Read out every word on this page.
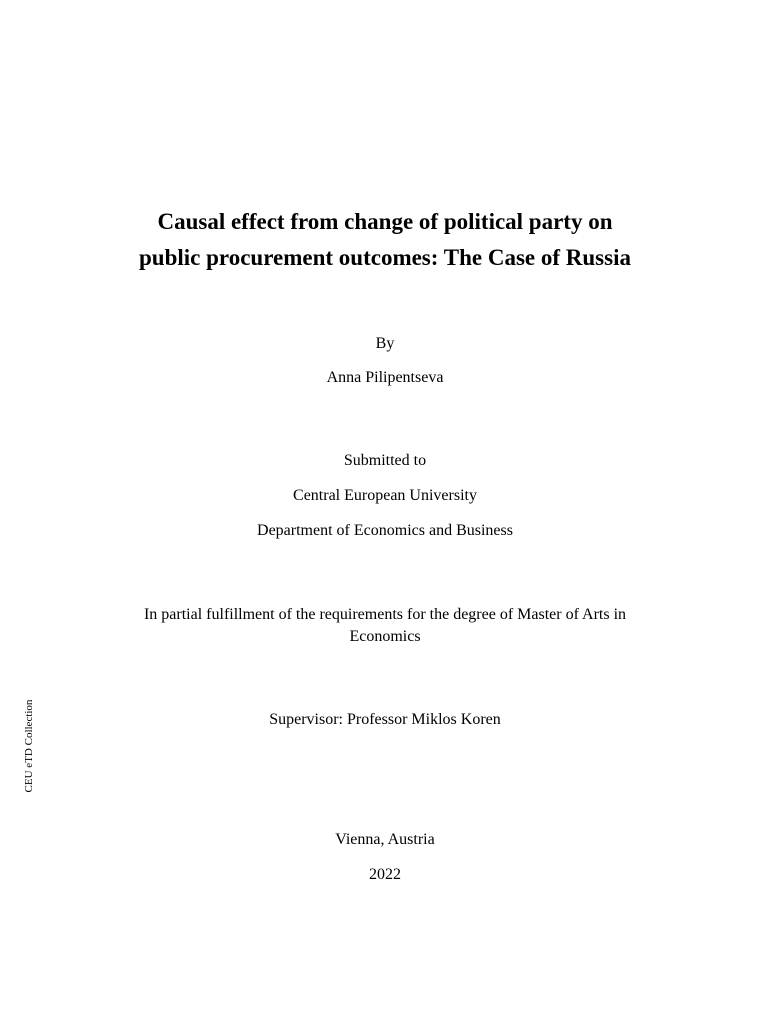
Causal effect from change of political party on
public procurement outcomes: The Case of Russia
By
Anna Pilipentseva
Submitted to
Central European University
Department of Economics and Business
In partial fulfillment of the requirements for the degree of Master of Arts in
Economics
Supervisor: Professor Miklos Koren
Vienna, Austria
2022
CEU eTD Collection
